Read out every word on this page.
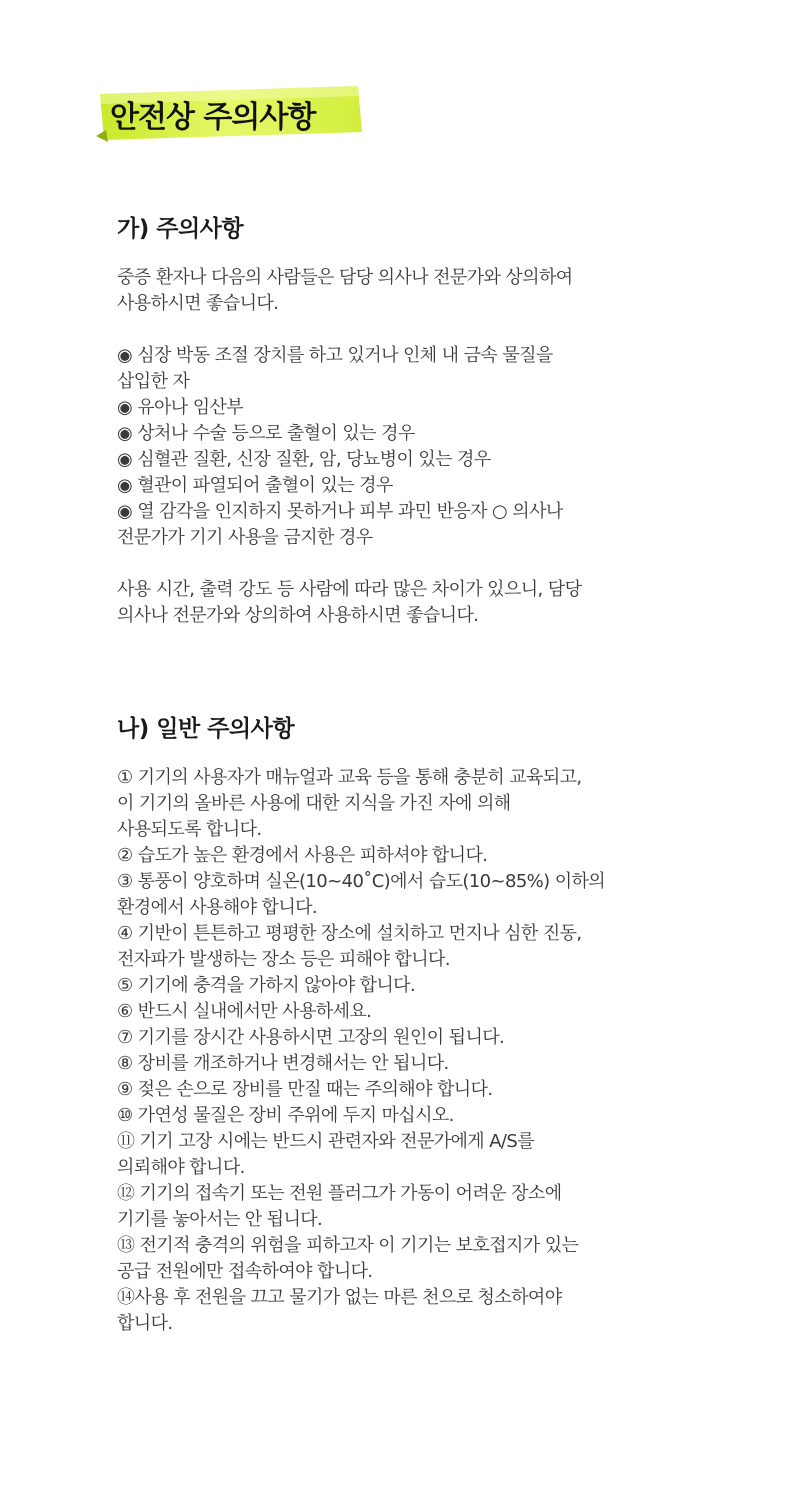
안전상 주의사항
가) 주의사항
중증 환자나 다음의 사람들은 담당 의사나 전문가와 상의하여
사용하시면 좋습니다.
◉ 심장 박동 조절 장치를 하고 있거나 인체 내 금속 물질을
삽입한 자
◉ 유아나 임산부
◉ 상처나 수술 등으로 출혈이 있는 경우
◉ 심혈관 질환, 신장 질환, 암, 당뇨병이 있는 경우
◉ 혈관이 파열되어 출혈이 있는 경우
◉ 열 감각을 인지하지 못하거나 피부 과민 반응자 ○ 의사나
전문가가 기기 사용을 금지한 경우
사용 시간, 출력 강도 등 사람에 따라 많은 차이가 있으니, 담당
의사나 전문가와 상의하여 사용하시면 좋습니다.
나) 일반 주의사항
① 기기의 사용자가 매뉴얼과 교육 등을 통해 충분히 교육되고,
이 기기의 올바른 사용에 대한 지식을 가진 자에 의해
사용되도록 합니다.
② 습도가 높은 환경에서 사용은 피하셔야 합니다.
③ 통풍이 양호하며 실온(10~40˚C)에서 습도(10~85%) 이하의
환경에서 사용해야 합니다.
④ 기반이 튼튼하고 평평한 장소에 설치하고 먼지나 심한 진동,
전자파가 발생하는 장소 등은 피해야 합니다.
⑤ 기기에 충격을 가하지 않아야 합니다.
⑥ 반드시 실내에서만 사용하세요.
⑦ 기기를 장시간 사용하시면 고장의 원인이 됩니다.
⑧ 장비를 개조하거나 변경해서는 안 됩니다.
⑨ 젖은 손으로 장비를 만질 때는 주의해야 합니다.
⑩ 가연성 물질은 장비 주위에 두지 마십시오.
⑪ 기기 고장 시에는 반드시 관련자와 전문가에게 A/S를
의뢰해야 합니다.
⑫ 기기의 접속기 또는 전원 플러그가 가동이 어려운 장소에
기기를 놓아서는 안 됩니다.
⑬ 전기적 충격의 위험을 피하고자 이 기기는 보호접지가 있는
공급 전원에만 접속하여야 합니다.
⑭사용 후 전원을 끄고 물기가 없는 마른 천으로 청소하여야
합니다.
